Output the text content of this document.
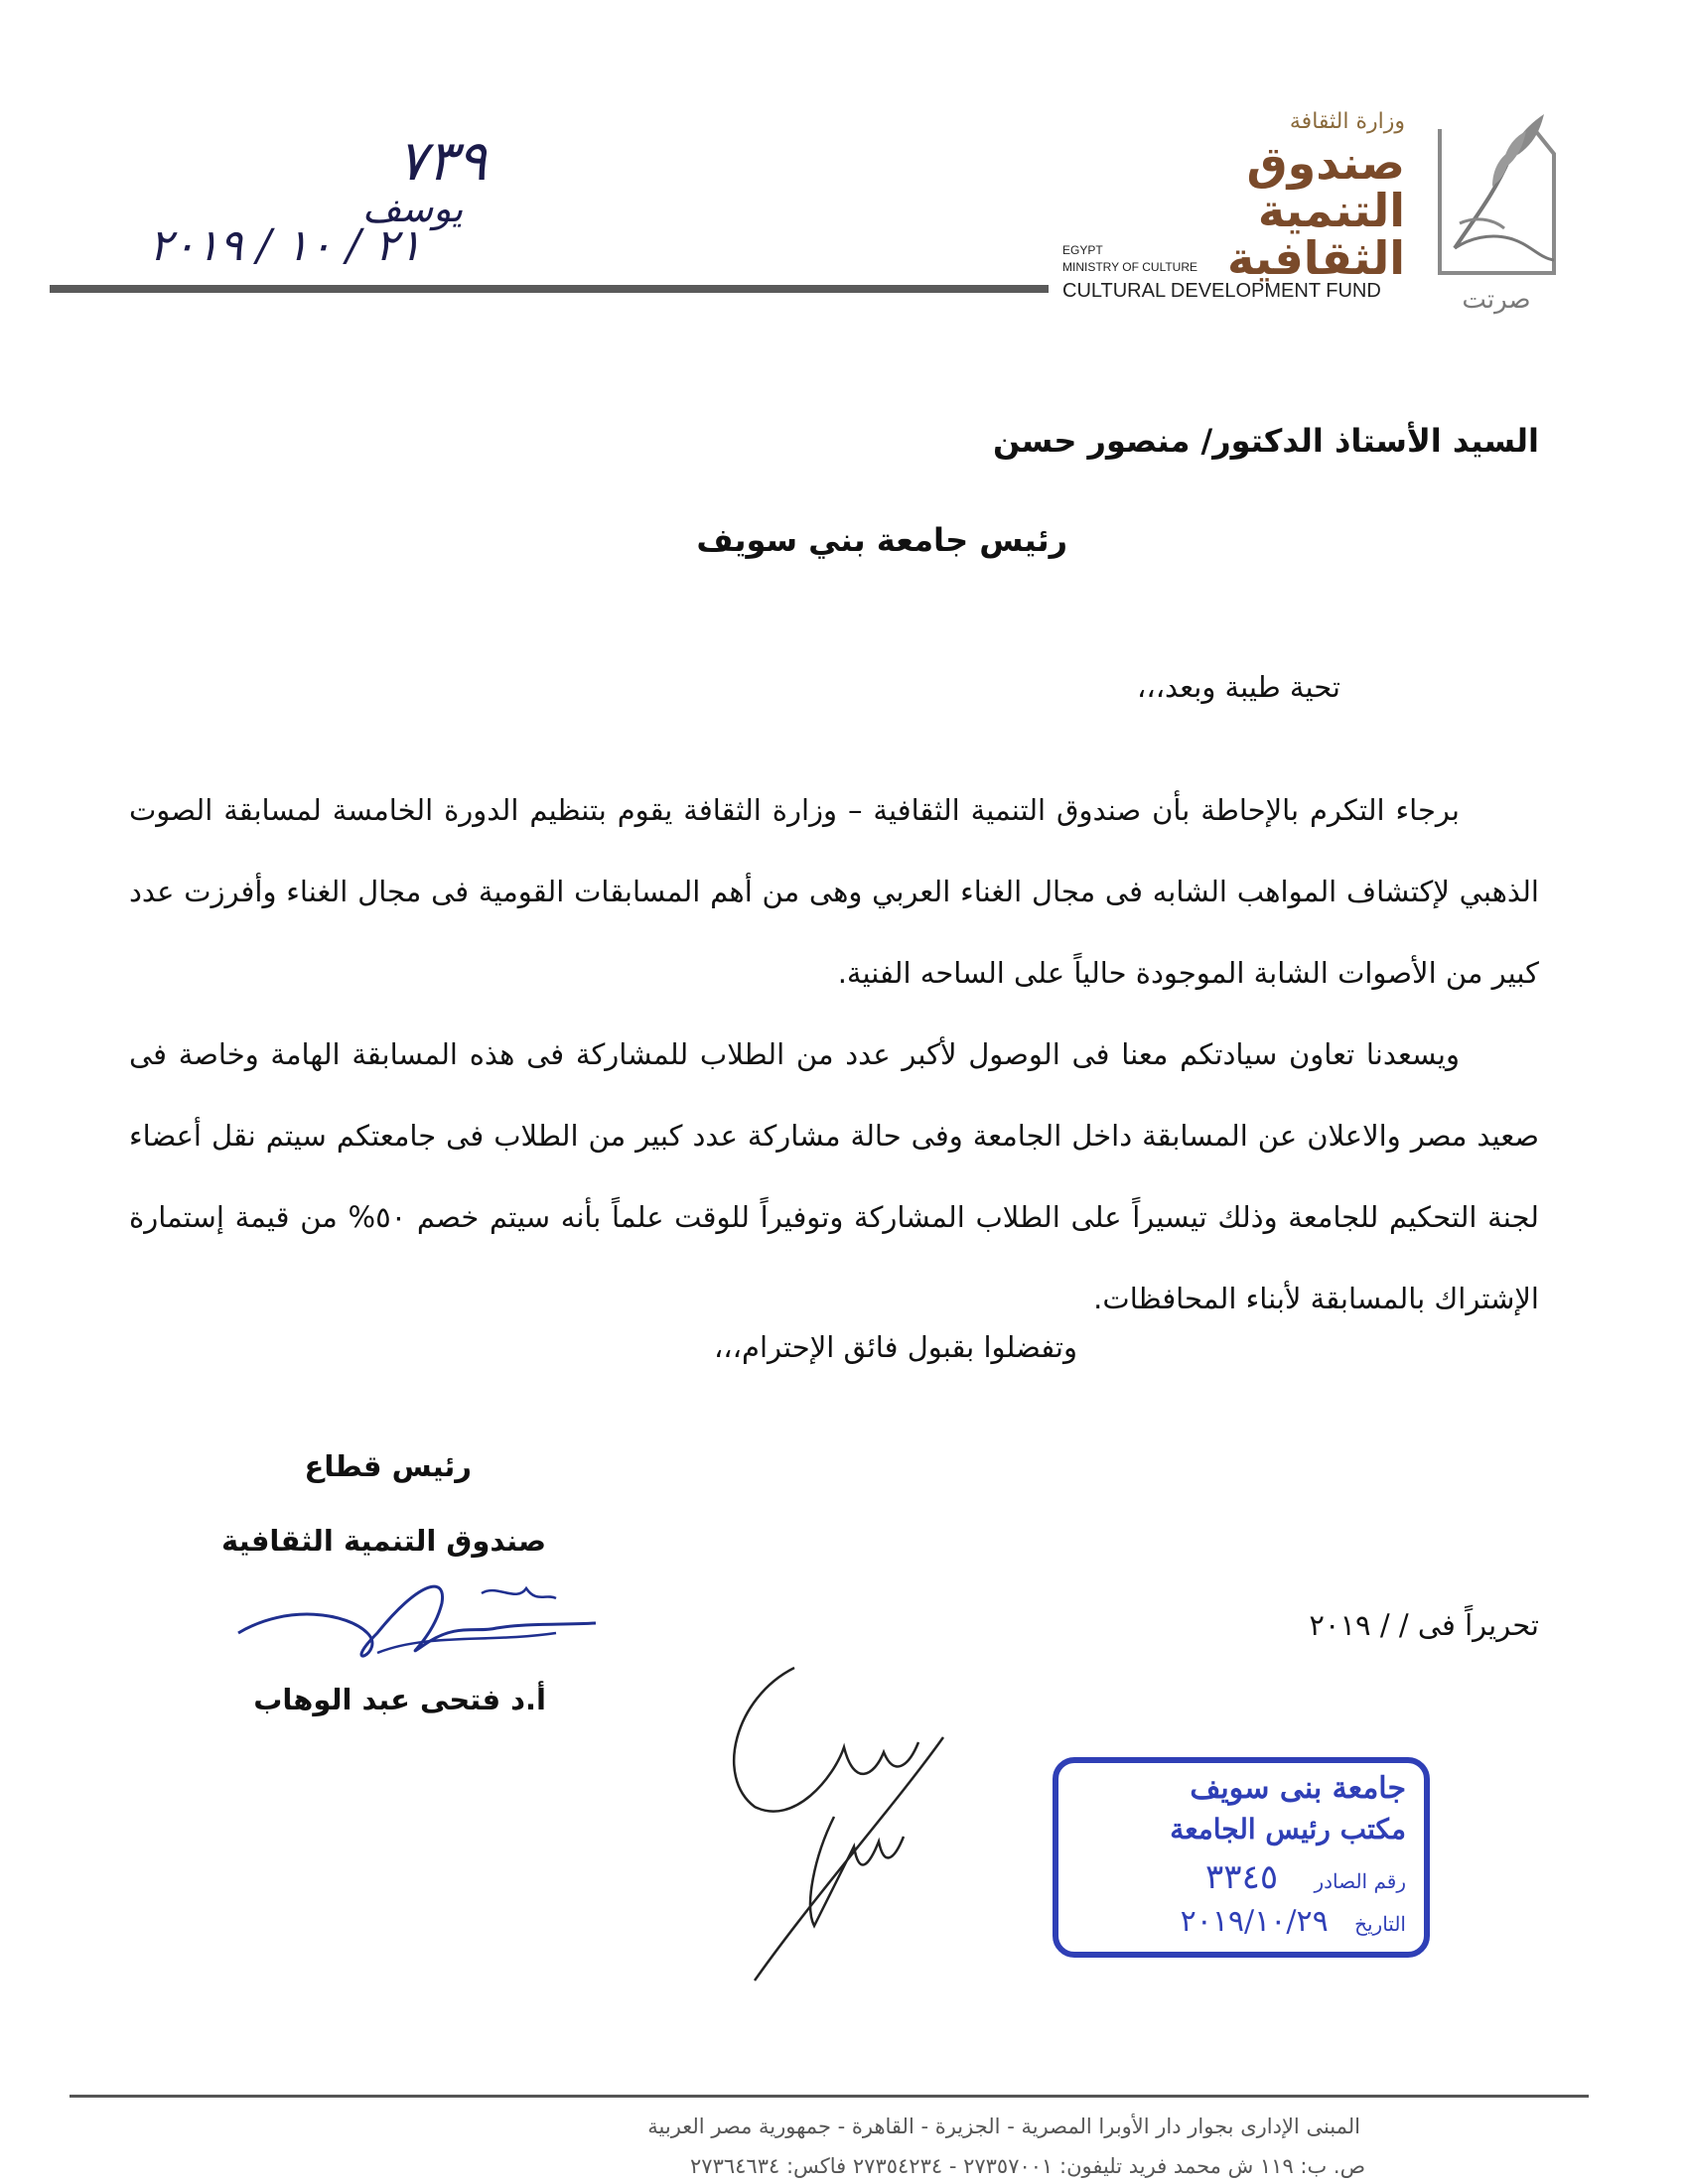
٧٣٩
يوسف
٢١ / ١٠ / ٢٠١٩
وزارة الثقافة
صندوق
التنمية
الثقافية
EGYPT
MINISTRY OF CULTURE
CULTURAL DEVELOPMENT FUND	صرتت
السيد الأستاذ الدكتور/ منصور حسن
رئيس جامعة بني سويف
تحية طيبة وبعد،،،

برجاء التكرم بالإحاطة بأن صندوق التنمية الثقافية – وزارة الثقافة يقوم بتنظيم الدورة الخامسة لمسابقة الصوت الذهبي لإكتشاف المواهب الشابه فى مجال الغناء العربي وهى من أهم المسابقات القومية فى مجال الغناء وأفرزت عدد كبير من الأصوات الشابة الموجودة حالياً على الساحه الفنية.

ويسعدنا تعاون سيادتكم معنا فى الوصول لأكبر عدد من الطلاب للمشاركة فى هذه المسابقة الهامة وخاصة فى صعيد مصر والاعلان عن المسابقة داخل الجامعة وفى حالة مشاركة عدد كبير من الطلاب فى جامعتكم سيتم نقل أعضاء لجنة التحكيم للجامعة وذلك تيسيراً على الطلاب المشاركة وتوفيراً للوقت علماً بأنه سيتم خصم ٥٠% من قيمة إستمارة الإشتراك بالمسابقة لأبناء المحافظات.

وتفضلوا بقبول فائق الإحترام،،،
رئيس قطاع
صندوق التنمية الثقافية
أ.د فتحى عبد الوهاب
تحريراً فى / / ٢٠١٩
جامعة بنى سويف
مكتب رئيس الجامعة
رقم الصادر ٣٣٤٥
التاريخ ٢٠١٩/١٠/٢٩
المبنى الإدارى بجوار دار الأوبرا المصرية - الجزيرة - القاهرة - جمهورية مصر العربية
ص. ب: ١١٩ ش محمد فريد تليفون: ٢٧٣٥٧٠٠١ - ٢٧٣٥٤٢٣٤ فاكس: ٢٧٣٦٤٦٣٤
